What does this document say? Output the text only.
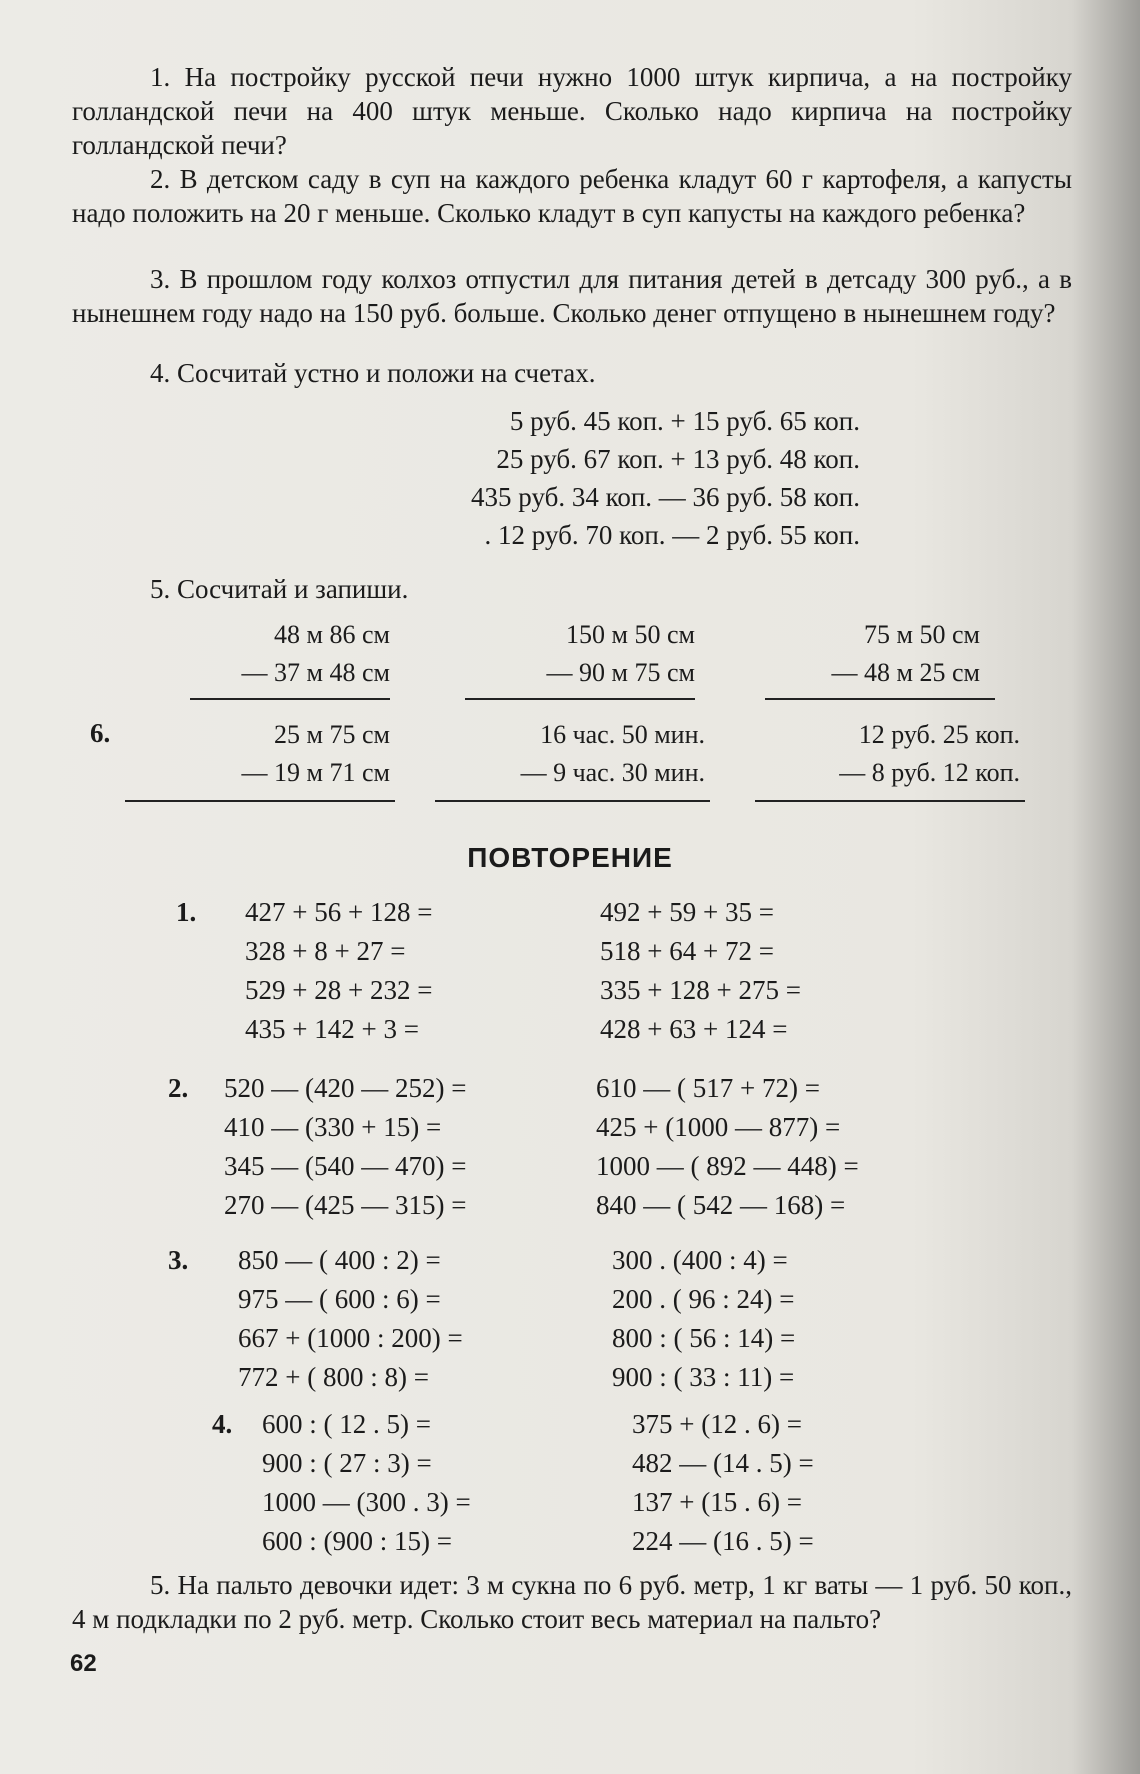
1. На постройку русской печи нужно 1000 штук кирпича, а на постройку голландской печи на 400 штук меньше. Сколько надо кирпича на постройку голландской печи?

2. В детском саду в суп на каждого ребенка кладут 60 г картофеля, а капусты надо положить на 20 г меньше. Сколько кладут в суп капусты на каждого ребенка?

3. В прошлом году колхоз отпустил для питания детей в детсаду 300 руб., а в нынешнем году надо на 150 руб. больше. Сколько денег отпущено в нынешнем году?

4. Сосчитай устно и положи на счетах.
5 руб. 45 коп. + 15 руб. 65 коп.
25 руб. 67 коп. + 13 руб. 48 коп.
435 руб. 34 коп. — 36 руб. 58 коп.
. 12 руб. 70 коп. — 2 руб. 55 коп.
5. Сосчитай и запиши.
48 м 86 см
— 37 м 48 см
150 м 50 см
— 90 м 75 см
75 м 50 см
— 48 м 25 см
6.	25 м 75 см
— 19 м 71 см
16 час. 50 мин.
— 9 час. 30 мин.
12 руб. 25 коп.
— 8 руб. 12 коп.
ПОВТОРЕНИЕ
1. 427 + 56 + 128 =
328 + 8 + 27 =
529 + 28 + 232 =
435 + 142 + 3 =
492 + 59 + 35 =
518 + 64 + 72 =
335 + 128 + 275 =
428 + 63 + 124 =
2. 520 — (420 — 252) =
410 — (330 + 15) =
345 — (540 — 470) =
270 — (425 — 315) =
610 — ( 517 + 72) =
425 + (1000 — 877) =
1000 — ( 892 — 448) =
840 — ( 542 — 168) =
3. 850 — ( 400 : 2) =
975 — ( 600 : 6) =
667 + (1000 : 200) =
772 + ( 800 : 8) =
300 . (400 : 4) =
200 . ( 96 : 24) =
800 : ( 56 : 14) =
900 : ( 33 : 11) =
4. 600 : ( 12 . 5) =
900 : ( 27 : 3) =
1000 — (300 . 3) =
600 : (900 : 15) =
375 + (12 . 6) =
482 — (14 . 5) =
137 + (15 . 6) =
224 — (16 . 5) =

5. На пальто девочки идет: 3 м сукна по 6 руб. метр, 1 кг ваты — 1 руб. 50 коп., 4 м подкладки по 2 руб. метр. Сколько стоит весь материал на пальто?

62
